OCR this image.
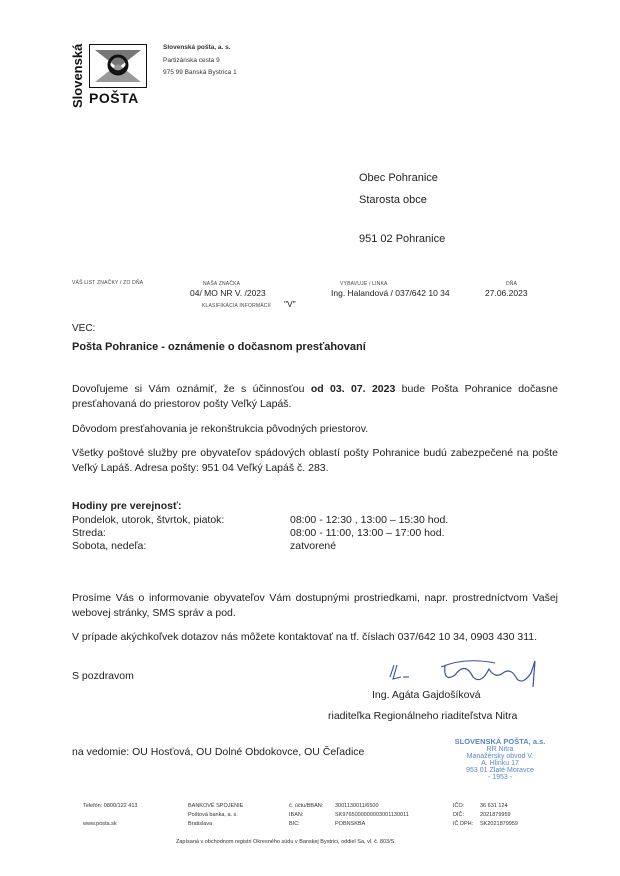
Slovenská POŠTA
Slovenská pošta, a. s.
Partizánska cesta 9
975 99 Banská Bystrica 1
Obec Pohranice
Starosta obce
951 02 Pohranice
VÁŠ LIST ZNAČKY / ZO DŇA	NAŠA ZNAČKA
04/ MO NR V. /2023
KLASIFIKÁCIA INFORMÁCIÍ "V"
VYBAVUJE / LINKA
Ing. Halandová / 037/642 10 34
DŇA
27.06.2023
VEC:
Pošta Pohranice - oznámenie o dočasnom presťahovaní
Dovoľujeme si Vám oznámiť, že s účinnosťou od 03. 07. 2023 bude Pošta Pohranice dočasne presťahovaná do priestorov pošty Veľký Lapáš.
Dôvodom presťahovania je rekonštrukcia pôvodných priestorov.
Všetky poštové služby pre obyvateľov spádových oblastí pošty Pohranice budú zabezpečené na pošte Veľký Lapáš. Adresa pošty: 951 04 Veľký Lapáš č. 283.
Hodiny pre verejnosť:
Pondelok, utorok, štvrtok, piatok:	08:00 - 12:30 , 13:00 – 15:30 hod.
Streda:	08:00 - 11:00, 13:00 – 17:00 hod.
Sobota, nedeľa:	zatvorené
Prosíme Vás o informovanie obyvateľov Vám dostupnými prostriedkami, napr. prostredníctvom Vašej webovej stránky, SMS správ a pod.
V prípade akýchkoľvek dotazov nás môžete kontaktovať na tf. číslach 037/642 10 34, 0903 430 311.
S pozdravom
Ing. Agáta Gajdošíková
riaditeľka Regionálneho riaditeľstva Nitra
na vedomie: OU Hosťová, OU Dolné Obdokovce, OU Čeľadice
SLOVENSKÁ POŠTA, a.s.
RR Nitra
Manažérsky obvod V.
A. Hlinku 17
953 01 Zlaté Moravce
- 1953 -
Telefón: 0800/122 413
www.posta.sk
BANKOVÉ SPOJENIE
Poštová banka, a. s.
Bratislava
č. účtu/BBAN: 3001130011/6500
IBAN:	SK9765000000003001130011
BIC:	POBNSKBA
IČO:	36 631 124
DIČ:	2021879959
IČ DPH: SK2021879959
Zapísaná v obchodnom registri Okresného súdu v Banskej Bystrici, oddiel Sa, vl. č. 803/S
